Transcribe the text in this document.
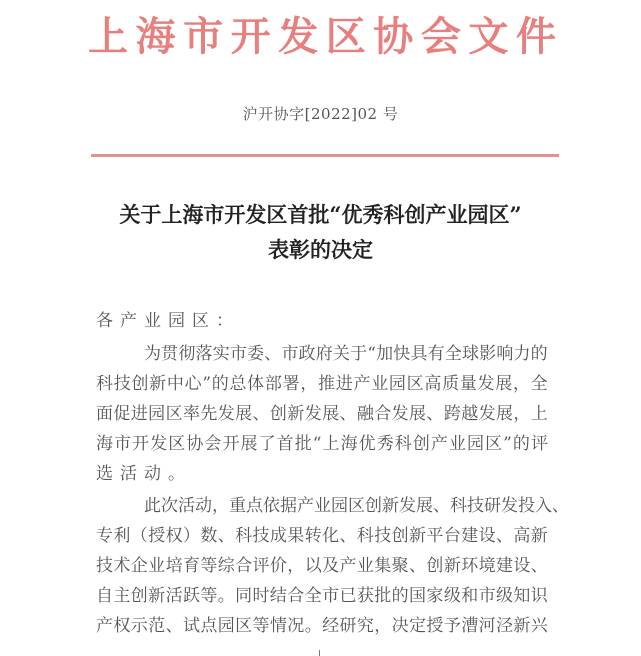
上 海 市 开 发 区 协 会 文 件
沪开协字[2022]02 号
关于上海市开发区首批“优秀科创产业园区”
表彰的决定
各产业园区：
为 贯 彻 落 实 市 委 、 市 政 府 关 于 “ 加 快 具 有 全 球 影 响 力 的
科 技 创 新 中 心 ” 的 总 体 部 署 ， 推 进 产 业 园 区 高 质 量 发 展 ， 全
面 促 进 园 区 率 先 发 展 、 创 新 发 展 、 融 合 发 展 、 跨 越 发 展 ， 上
海 市 开 发 区 协 会 开 展 了 首 批 “ 上 海 优 秀 科 创 产 业 园 区 ” 的 评
选活动。
此 次 活 动 ， 重 点 依 据 产 业 园 区 创 新 发 展 、 科 技 研 发 投 入 、
专 利 （ 授 权 ） 数 、 科 技 成 果 转 化 、 科 技 创 新 平 台 建 设 、 高 新
技 术 企 业 培 育 等 综 合 评 价 ， 以 及 产 业 集 聚 、 创 新 环 境 建 设 、
自 主 创 新 活 跃 等 。 同 时 结 合 全 市 已 获 批 的 国 家 级 和 市 级 知 识
产 权 示 范 、 试 点 园 区 等 情 况 。 经 研 究 ， 决 定 授 予 漕 河 泾 新 兴
